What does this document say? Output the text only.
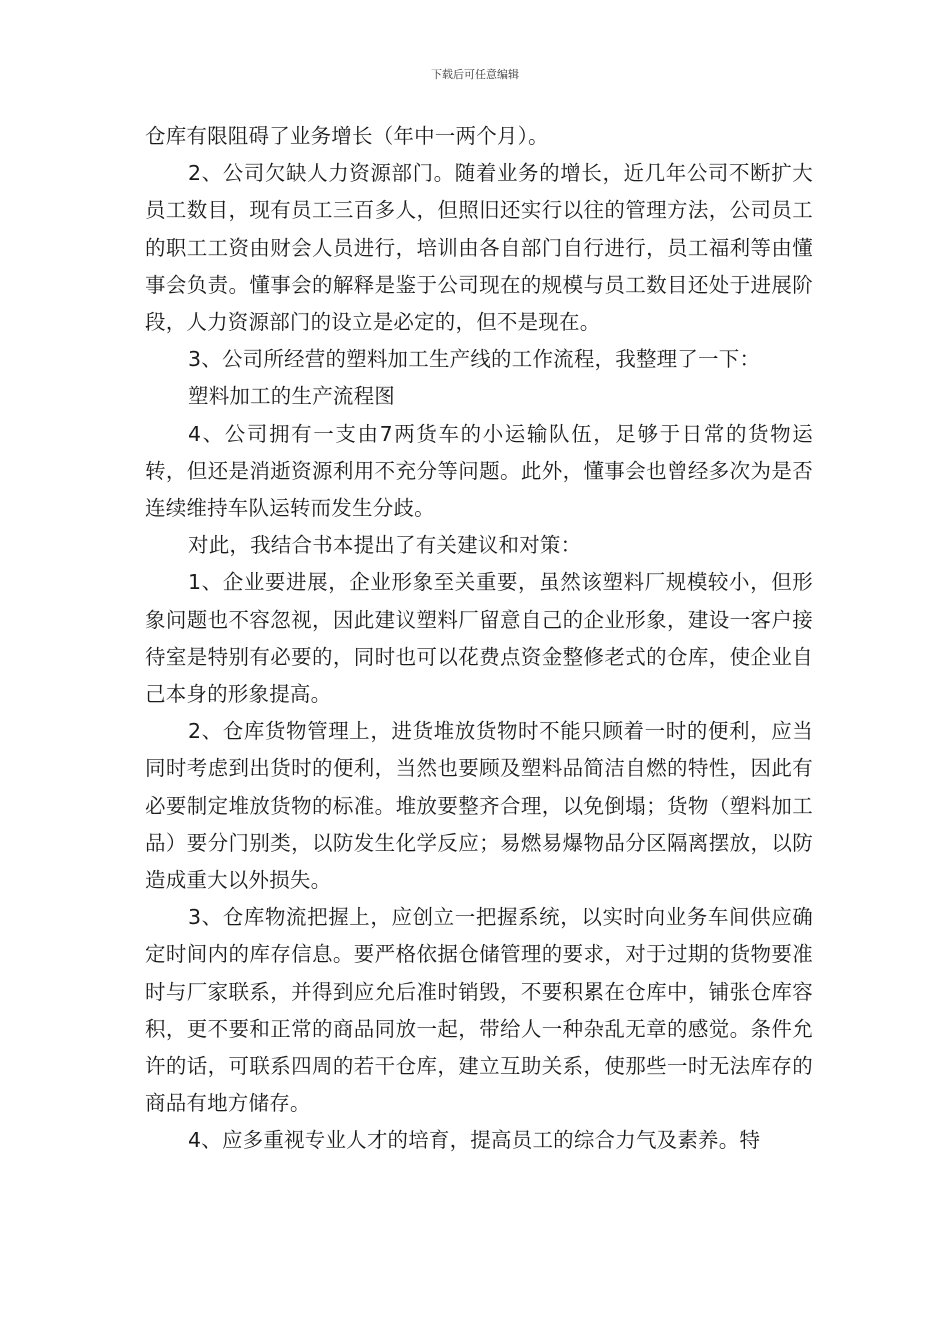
下载后可任意编辑

仓库有限阻碍了业务增长（年中一两个月）。

2、公司欠缺人力资源部门。随着业务的增长，近几年公司不断扩大员工数目，现有员工三百多人，但照旧还实行以往的管理方法，公司员工的职工工资由财会人员进行，培训由各自部门自行进行，员工福利等由懂事会负责。懂事会的解释是鉴于公司现在的规模与员工数目还处于进展阶段，人力资源部门的设立是必定的，但不是现在。

3、公司所经营的塑料加工生产线的工作流程，我整理了一下：

塑料加工的生产流程图

4、公司拥有一支由7两货车的小运输队伍，足够于日常的货物运转，但还是消逝资源利用不充分等问题。此外，懂事会也曾经多次为是否连续维持车队运转而发生分歧。

对此，我结合书本提出了有关建议和对策：

1、企业要进展，企业形象至关重要，虽然该塑料厂规模较小，但形象问题也不容忽视，因此建议塑料厂留意自己的企业形象，建设一客户接待室是特别有必要的，同时也可以花费点资金整修老式的仓库，使企业自己本身的形象提高。

2、仓库货物管理上，进货堆放货物时不能只顾着一时的便利，应当同时考虑到出货时的便利，当然也要顾及塑料品简洁自燃的特性，因此有必要制定堆放货物的标准。堆放要整齐合理，以免倒塌；货物（塑料加工品）要分门别类，以防发生化学反应；易燃易爆物品分区隔离摆放，以防造成重大以外损失。

3、仓库物流把握上，应创立一把握系统，以实时向业务车间供应确定时间内的库存信息。要严格依据仓储管理的要求，对于过期的货物要准时与厂家联系，并得到应允后准时销毁，不要积累在仓库中，铺张仓库容积，更不要和正常的商品同放一起，带给人一种杂乱无章的感觉。条件允许的话，可联系四周的若干仓库，建立互助关系，使那些一时无法库存的商品有地方储存。

4、应多重视专业人才的培育，提高员工的综合力气及素养。特
